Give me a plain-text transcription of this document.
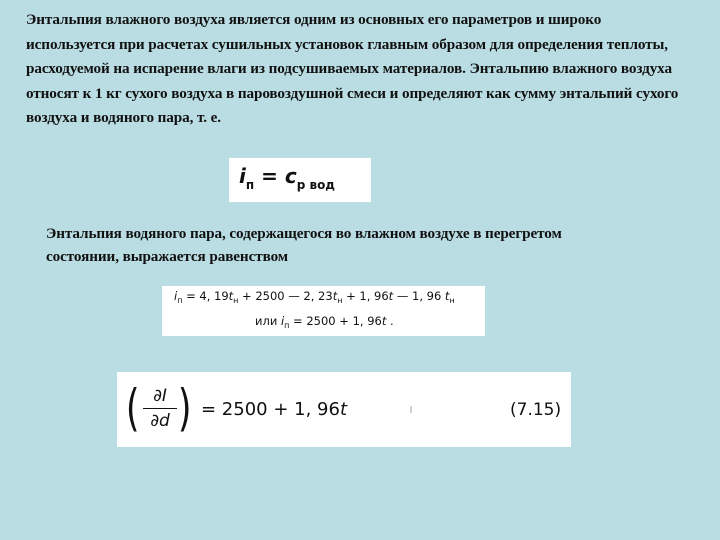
Энтальпия влажного воздуха является одним из основных его параметров и широко используется при расчетах сушильных установок главным образом для определения теплоты, расходуемой на испарение влаги из подсушиваемых материалов. Энтальпию влажного воздуха относят к 1 кг сухого воздуха в паровоздушной смеси и определяют как сумму энтальпий сухого воздуха и водяного пара, т. е.
$i_п = c_{р вод}$
Энтальпия водяного пара, содержащегося во влажном воздухе в перегретом состоянии, выражается равенством
$i_п = 4$, $19t_н + 2500$ — 2, $23t_н + 1$, 96t — 1, 96 $t_н$
или $i_п = 2500 + 1$, 96t .
( ∂I
∂d ) = 2500 + 1, 96t	(7.15)
